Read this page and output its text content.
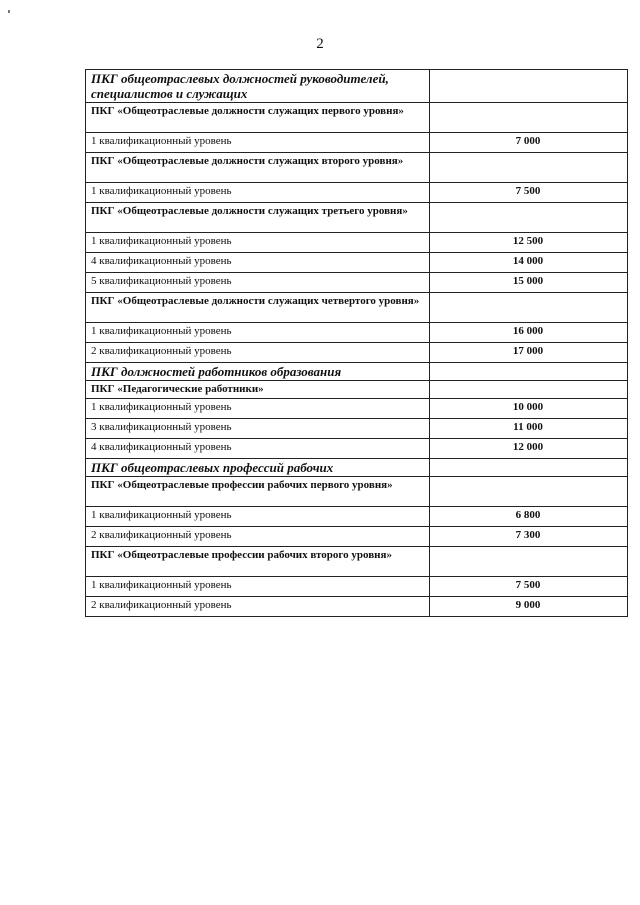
2
ПКГ общеотраслевых должностей руководителей, специалистов и служащих	
ПКГ «Общеотраслевые должности служащих первого уровня»	
1 квалификационный уровень	7 000
ПКГ «Общеотраслевые должности служащих второго уровня»	
1 квалификационный уровень	7 500
ПКГ «Общеотраслевые должности служащих третьего уровня»	
1 квалификационный уровень	12 500
4 квалификационный уровень	14 000
5 квалификационный уровень	15 000
ПКГ «Общеотраслевые должности служащих четвертого уровня»	
1 квалификационный уровень	16 000
2 квалификационный уровень	17 000
ПКГ должностей работников образования	
ПКГ «Педагогические работники»	
1 квалификационный уровень	10 000
3 квалификационный уровень	11 000
4 квалификационный уровень	12 000
ПКГ общеотраслевых профессий рабочих	
ПКГ «Общеотраслевые профессии рабочих первого уровня»	
1 квалификационный уровень	6 800
2 квалификационный уровень	7 300
ПКГ «Общеотраслевые профессии рабочих второго уровня»	
1 квалификационный уровень	7 500
2 квалификационный уровень	9 000
